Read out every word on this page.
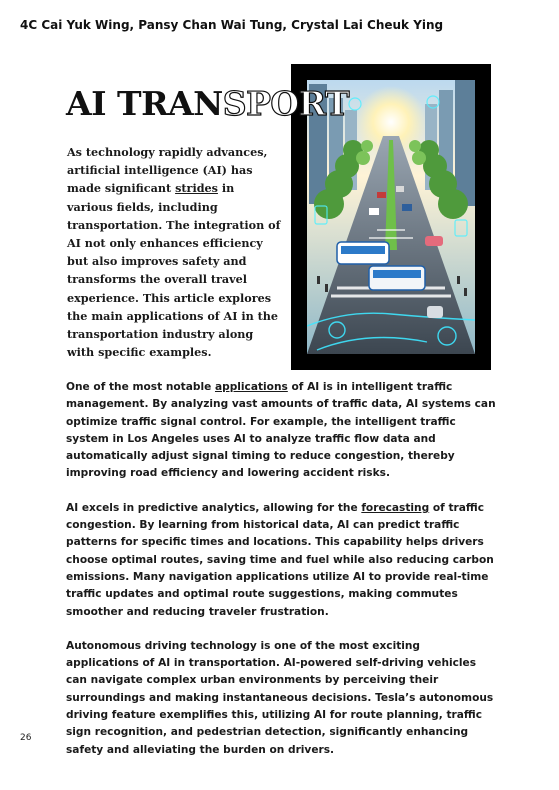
4C Cai Yuk Wing, Pansy Chan Wai Tung, Crystal Lai Cheuk Ying
AI TRANSPORT

As technology rapidly advances, artificial intelligence (AI) has made significant strides in various fields, including transportation. The integration of AI not only enhances efficiency but also improves safety and transforms the overall travel experience. This article explores the main applications of AI in the transportation industry along with specific examples.

One of the most notable applications of AI is in intelligent traffic management. By analyzing vast amounts of traffic data, AI systems can optimize traffic signal control. For example, the intelligent traffic system in Los Angeles uses AI to analyze traffic flow data and automatically adjust signal timing to reduce congestion, thereby improving road efficiency and lowering accident risks.

AI excels in predictive analytics, allowing for the forecasting of traffic congestion. By learning from historical data, AI can predict traffic patterns for specific times and locations. This capability helps drivers choose optimal routes, saving time and fuel while also reducing carbon emissions. Many navigation applications utilize AI to provide real-time traffic updates and optimal route suggestions, making commutes smoother and reducing traveler frustration.

Autonomous driving technology is one of the most exciting applications of AI in transportation. AI-powered self-driving vehicles can navigate complex urban environments by perceiving their surroundings and making instantaneous decisions. Tesla’s autonomous driving feature exemplifies this, utilizing AI for route planning, traffic sign recognition, and pedestrian detection, significantly enhancing safety and alleviating the burden on drivers.

26
